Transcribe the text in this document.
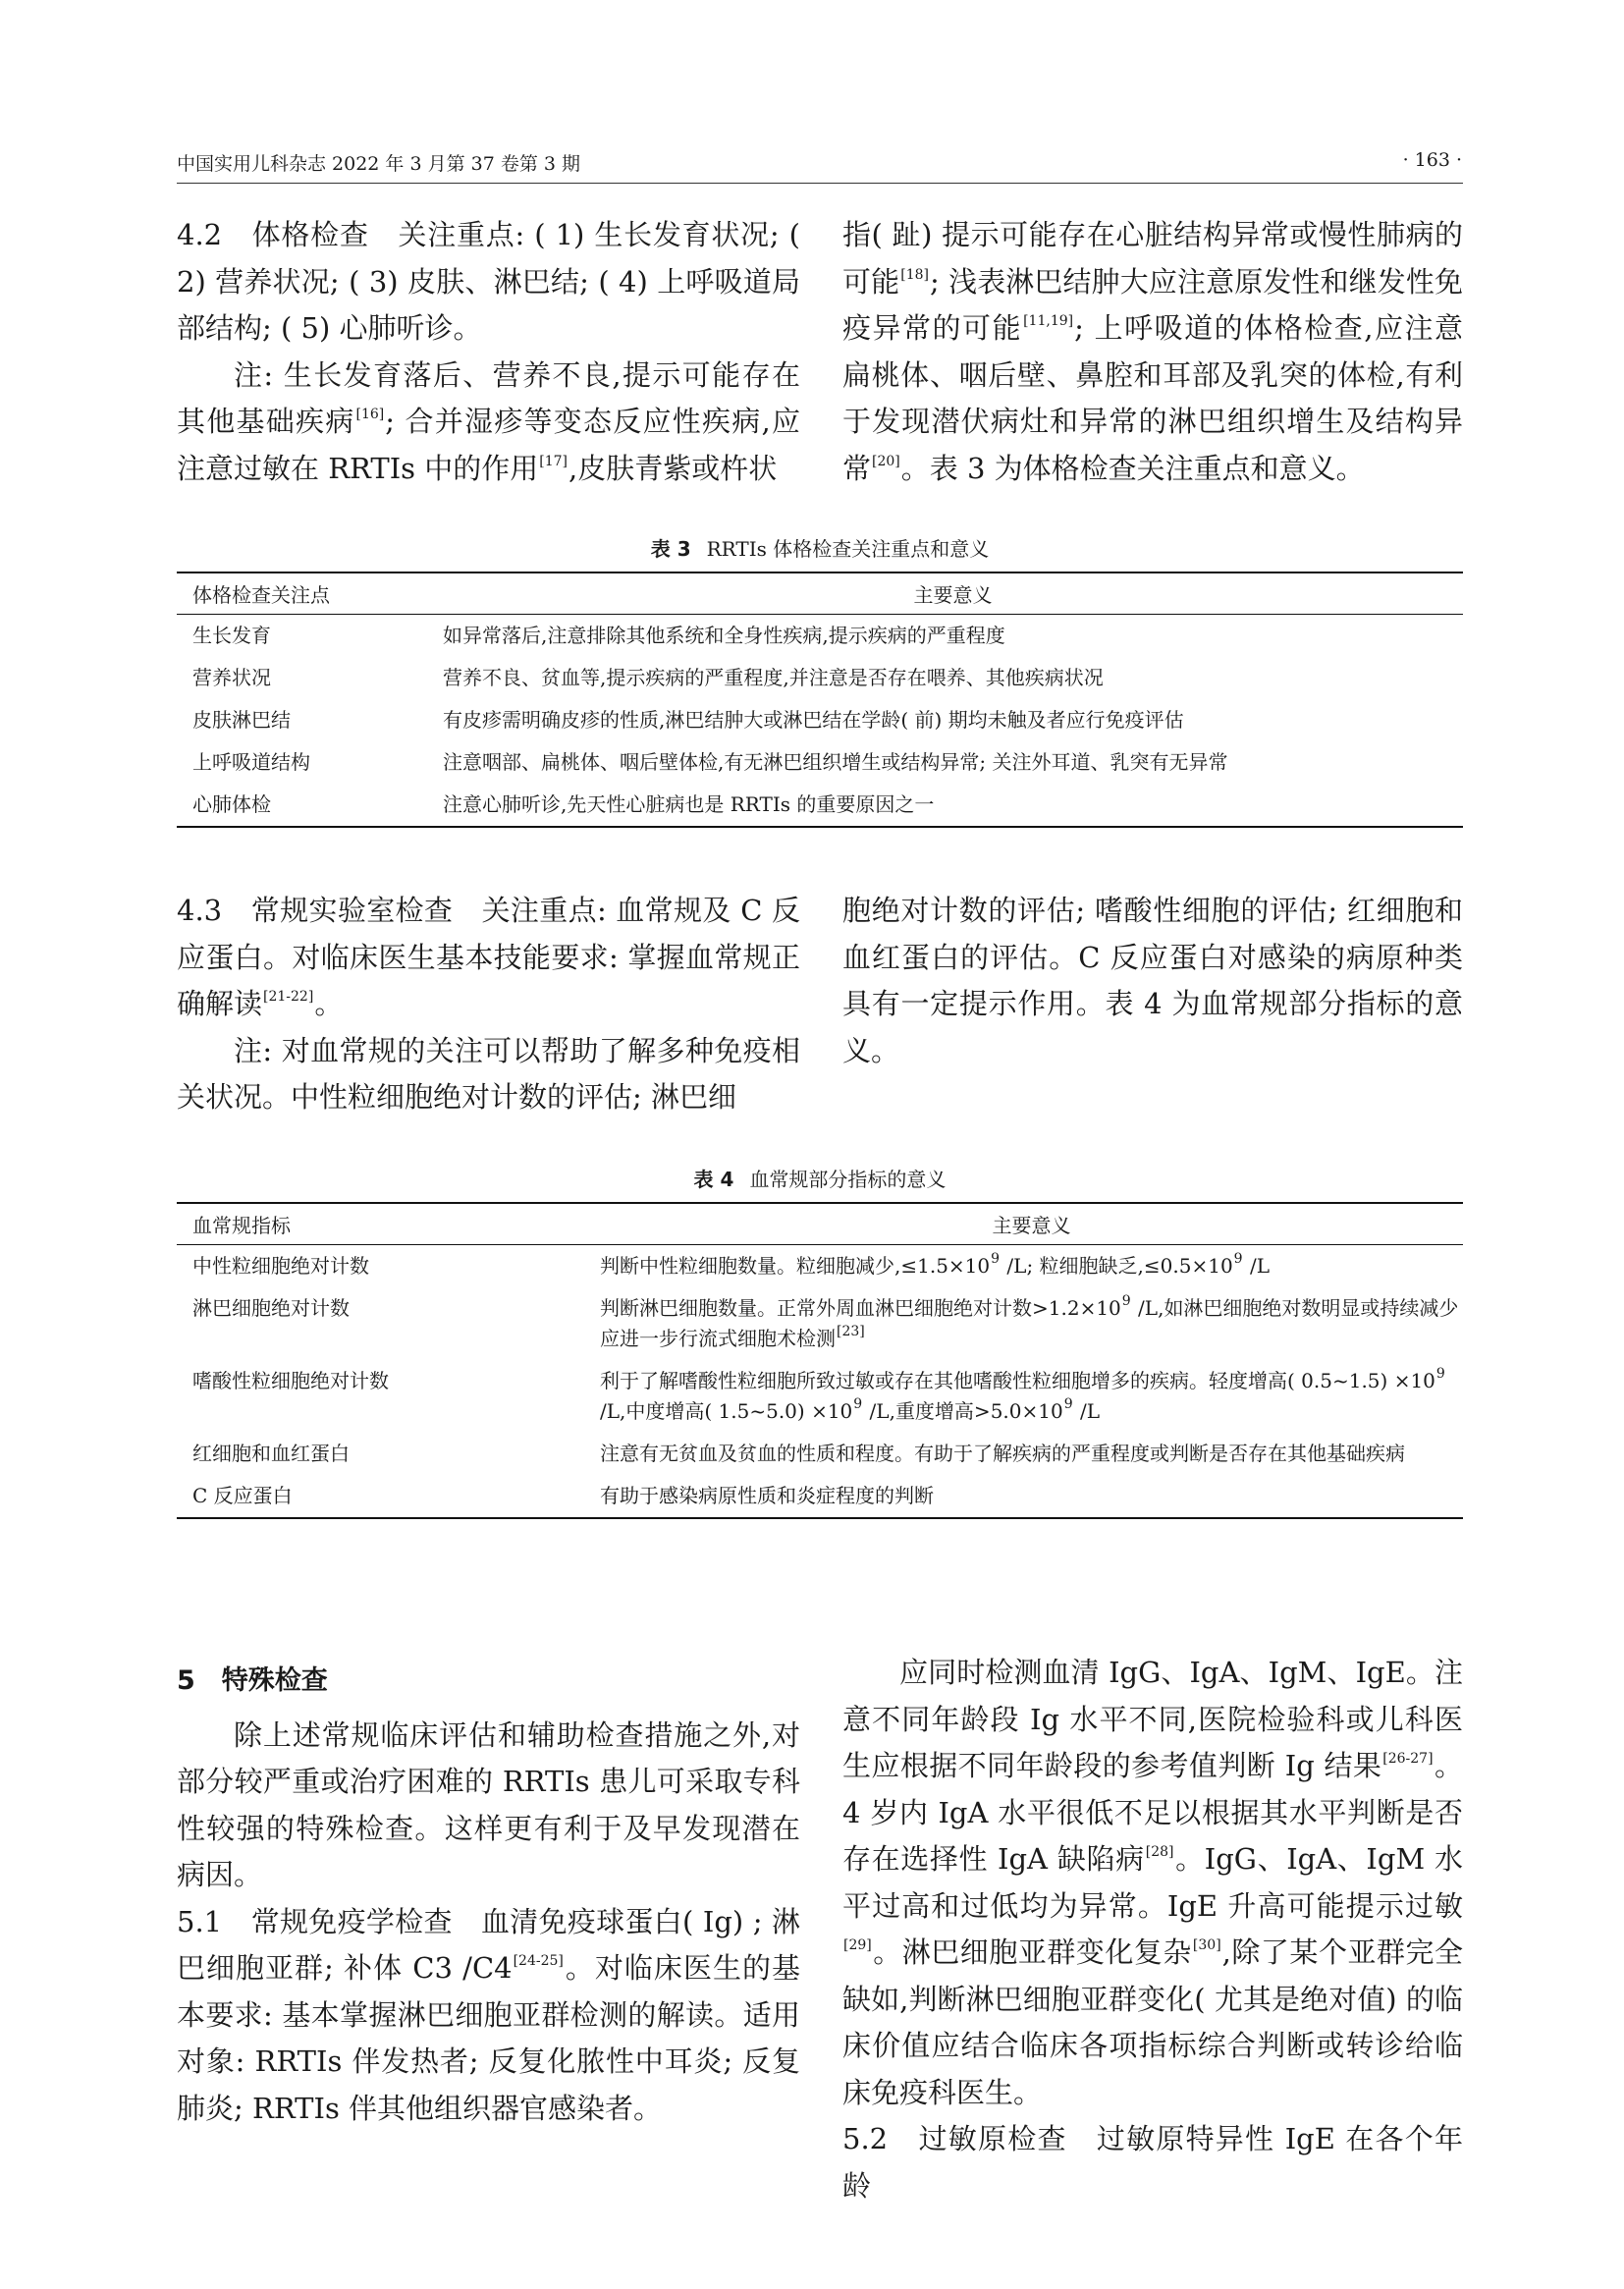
中国实用儿科杂志 2022 年 3 月第 37 卷第 3 期	· 163 ·

4.2　体格检查　关注重点: ( 1) 生长发育状况; ( 2) 营养状况; ( 3) 皮肤、淋巴结; ( 4) 上呼吸道局部结构; ( 5) 心肺听诊。

注: 生长发育落后、营养不良,提示可能存在其他基础疾病[16]; 合并湿疹等变态反应性疾病,应注意过敏在 RRTIs 中的作用[17],皮肤青紫或杵状

指( 趾) 提示可能存在心脏结构异常或慢性肺病的可能[18]; 浅表淋巴结肿大应注意原发性和继发性免疫异常的可能[11,19]; 上呼吸道的体格检查,应注意扁桃体、咽后壁、鼻腔和耳部及乳突的体检,有利于发现潜伏病灶和异常的淋巴组织增生及结构异常[20]。表 3 为体格检查关注重点和意义。

表 3 RRTIs 体格检查关注重点和意义
体格检查关注点	主要意义
生长发育	如异常落后,注意排除其他系统和全身性疾病,提示疾病的严重程度
营养状况	营养不良、贫血等,提示疾病的严重程度,并注意是否存在喂养、其他疾病状况
皮肤淋巴结	有皮疹需明确皮疹的性质,淋巴结肿大或淋巴结在学龄( 前) 期均未触及者应行免疫评估
上呼吸道结构	注意咽部、扁桃体、咽后壁体检,有无淋巴组织增生或结构异常; 关注外耳道、乳突有无异常
心肺体检	注意心肺听诊,先天性心脏病也是 RRTIs 的重要原因之一

4.3　常规实验室检查　关注重点: 血常规及 C 反应蛋白。对临床医生基本技能要求: 掌握血常规正确解读[21-22]。

注: 对血常规的关注可以帮助了解多种免疫相关状况。中性粒细胞绝对计数的评估; 淋巴细

胞绝对计数的评估; 嗜酸性细胞的评估; 红细胞和血红蛋白的评估。C 反应蛋白对感染的病原种类具有一定提示作用。表 4 为血常规部分指标的意义。

表 4 血常规部分指标的意义
血常规指标	主要意义
中性粒细胞绝对计数	判断中性粒细胞数量。粒细胞减少$,\le 1.5\times 10^9$ /L; 粒细胞缺乏$,\le 0.5\times 10^9$ /L
淋巴细胞绝对计数	判断淋巴细胞数量。正常外周血淋巴细胞绝对计数$>1.2\times 10^9$ /L,如淋巴细胞绝对数明显或持续减少应进一步行流式细胞术检测[23]
嗜酸性粒细胞绝对计数	利于了解嗜酸性粒细胞所致过敏或存在其他嗜酸性粒细胞增多的疾病。轻度增高( 0.5~1.5) $\times 10^9$ /L,中度增高( 1.5~5.0) $\times 10^9$ /L,重度增高$>5.0\times 10^9$ /L
红细胞和血红蛋白	注意有无贫血及贫血的性质和程度。有助于了解疾病的严重程度或判断是否存在其他基础疾病
C 反应蛋白	有助于感染病原性质和炎症程度的判断

5　特殊检查

除上述常规临床评估和辅助检查措施之外,对部分较严重或治疗困难的 RRTIs 患儿可采取专科性较强的特殊检查。这样更有利于及早发现潜在病因。

5.1　常规免疫学检查　血清免疫球蛋白( Ig) ; 淋巴细胞亚群; 补体 C3 /C4[24-25]。对临床医生的基本要求: 基本掌握淋巴细胞亚群检测的解读。适用对象: RRTIs 伴发热者; 反复化脓性中耳炎; 反复肺炎; RRTIs 伴其他组织器官感染者。

应同时检测血清 IgG、IgA、IgM、IgE。注意不同年龄段 Ig 水平不同,医院检验科或儿科医生应根据不同年龄段的参考值判断 Ig 结果[26-27]。4 岁内 IgA 水平很低不足以根据其水平判断是否存在选择性 IgA 缺陷病[28]。IgG、IgA、IgM 水平过高和过低均为异常。IgE 升高可能提示过敏[29]。淋巴细胞亚群变化复杂[30],除了某个亚群完全缺如,判断淋巴细胞亚群变化( 尤其是绝对值) 的临床价值应结合临床各项指标综合判断或转诊给临床免疫科医生。

5.2　过敏原检查　过敏原特异性 IgE 在各个年龄
